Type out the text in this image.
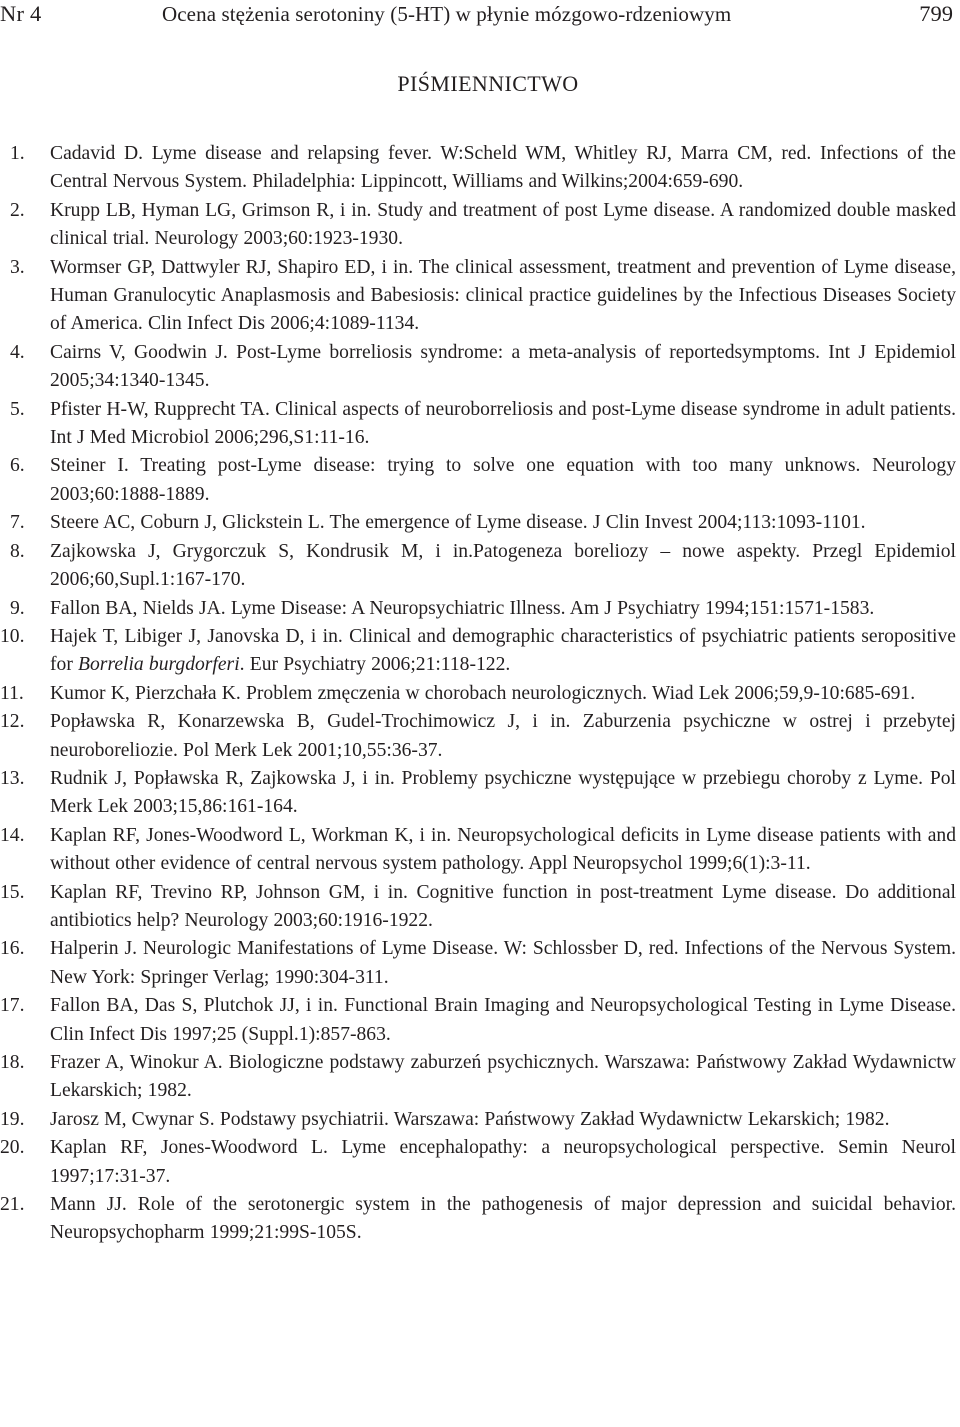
Nr 4	Ocena stężenia serotoniny (5-HT) w płynie mózgowo-rdzeniowym	799
PIŚMIENNICTWO
1.	Cadavid D. Lyme disease and relapsing fever. W:Scheld WM, Whitley RJ, Marra CM, red. Infections of the Central Nervous System. Philadelphia: Lippincott, Williams and Wilkins;2004:659-690.
2.	Krupp LB, Hyman LG, Grimson R, i in. Study and treatment of post Lyme disease. A randomized double masked clinical trial. Neurology 2003;60:1923-1930.
3.	Wormser GP, Dattwyler RJ, Shapiro ED, i in. The clinical assessment, treatment and prevention of Lyme disease, Human Granulocytic Anaplasmosis and Babesiosis: clinical practice guidelines by the Infectious Diseases Society of America. Clin Infect Dis 2006;4:1089-1134.
4.	Cairns V, Goodwin J. Post-Lyme borreliosis syndrome: a meta-analysis of reportedsymptoms. Int J Epidemiol 2005;34:1340-1345.
5.	Pfister H-W, Rupprecht TA. Clinical aspects of neuroborreliosis and post-Lyme disease syndrome in adult patients. Int J Med Microbiol 2006;296,S1:11-16.
6.	Steiner I. Treating post-Lyme disease: trying to solve one equation with too many unknows. Neurology 2003;60:1888-1889.
7.	Steere AC, Coburn J, Glickstein L. The emergence of Lyme disease. J Clin Invest 2004;113:1093-1101.
8.	Zajkowska J, Grygorczuk S, Kondrusik M, i in.Patogeneza boreliozy – nowe aspekty. Przegl Epidemiol 2006;60,Supl.1:167-170.
9.	Fallon BA, Nields JA. Lyme Disease: A Neuropsychiatric Illness. Am J Psychiatry 1994;151:1571-1583.
10.	Hajek T, Libiger J, Janovska D, i in. Clinical and demographic characteristics of psychiatric patients seropositive for Borrelia burgdorferi. Eur Psychiatry 2006;21:118-122.
11.	Kumor K, Pierzchała K. Problem zmęczenia w chorobach neurologicznych. Wiad Lek 2006;59,9-10:685-691.
12.	Popławska R, Konarzewska B, Gudel-Trochimowicz J, i in. Zaburzenia psychiczne w ostrej i przebytej neuroboreliozie. Pol Merk Lek 2001;10,55:36-37.
13.	Rudnik J, Popławska R, Zajkowska J, i in. Problemy psychiczne występujące w przebiegu choroby z Lyme. Pol Merk Lek 2003;15,86:161-164.
14.	Kaplan RF, Jones-Woodword L, Workman K, i in. Neuropsychological deficits in Lyme disease patients with and without other evidence of central nervous system pathology. Appl Neuropsychol 1999;6(1):3-11.
15.	Kaplan RF, Trevino RP, Johnson GM, i in. Cognitive function in post-treatment Lyme disease. Do additional antibiotics help? Neurology 2003;60:1916-1922.
16.	Halperin J. Neurologic Manifestations of Lyme Disease. W: Schlossber D, red. Infections of the Nervous System. New York: Springer Verlag; 1990:304-311.
17.	Fallon BA, Das S, Plutchok JJ, i in. Functional Brain Imaging and Neuropsychological Testing in Lyme Disease. Clin Infect Dis 1997;25 (Suppl.1):857-863.
18.	Frazer A, Winokur A. Biologiczne podstawy zaburzeń psychicznych. Warszawa: Państwowy Zakład Wydawnictw Lekarskich; 1982.
19.	Jarosz M, Cwynar S. Podstawy psychiatrii. Warszawa: Państwowy Zakład Wydawnictw Lekarskich; 1982.
20.	Kaplan RF, Jones-Woodword L. Lyme encephalopathy: a neuropsychological perspective. Semin Neurol 1997;17:31-37.
21.	Mann JJ. Role of the serotonergic system in the pathogenesis of major depression and suicidal behavior. Neuropsychopharm 1999;21:99S-105S.
